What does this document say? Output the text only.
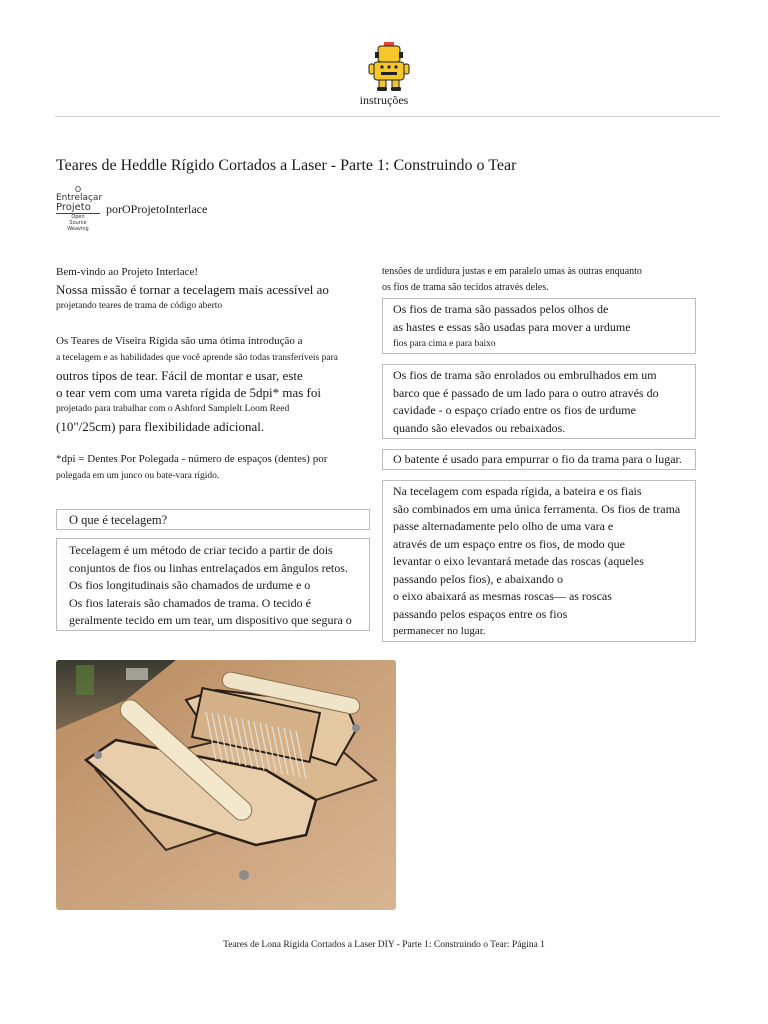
instruções
Teares de Heddle Rígido Cortados a Laser - Parte 1: Construindo o Tear
O
Entrelaçar
Projeto
Open
Source
Weaving
porOProjetoInterlace
Bem-vindo ao Projeto Interlace!
Nossa missão é tornar a tecelagem mais acessível ao
projetando teares de trama de código aberto
Os Teares de Viseira Rígida são uma ótima introdução a
a tecelagem e as habilidades que você aprende são todas transferíveis para
outros tipos de tear. Fácil de montar e usar, este
o tear vem com uma vareta rígida de 5dpi* mas foi
projetado para trabalhar com o Ashford SampleIt Loom Reed
(10"/25cm) para flexibilidade adicional.
*dpi = Dentes Por Polegada - número de espaços (dentes) por
polegada em um junco ou bate-vara rígido.
O que é tecelagem?
Tecelagem é um método de criar tecido a partir de dois
conjuntos de fios ou linhas entrelaçados em ângulos retos.
Os fios longitudinais são chamados de urdume e o
Os fios laterais são chamados de trama. O tecido é
geralmente tecido em um tear, um dispositivo que segura o
tensões de urdidura justas e em paralelo umas às outras enquanto
os fios de trama são tecidos através deles.
Os fios de trama são passados pelos olhos de
as hastes e essas são usadas para mover a urdume
fios para cima e para baixo
Os fios de trama são enrolados ou embrulhados em um
barco que é passado de um lado para o outro através do
cavidade - o espaço criado entre os fios de urdume
quando são elevados ou rebaixados.
O batente é usado para empurrar o fio da trama para o lugar.
Na tecelagem com espada rígida, a bateira e os fiais
são combinados em uma única ferramenta. Os fios de trama
passe alternadamente pelo olho de uma vara e
através de um espaço entre os fios, de modo que
levantar o eixo levantará metade das roscas (aqueles
passando pelos fios), e abaixando o
o eixo abaixará as mesmas roscas— as roscas
passando pelos espaços entre os fios
permanecer no lugar.
Teares de Lona Rígida Cortados a Laser DIY - Parte 1: Construindo o Tear: Página 1
